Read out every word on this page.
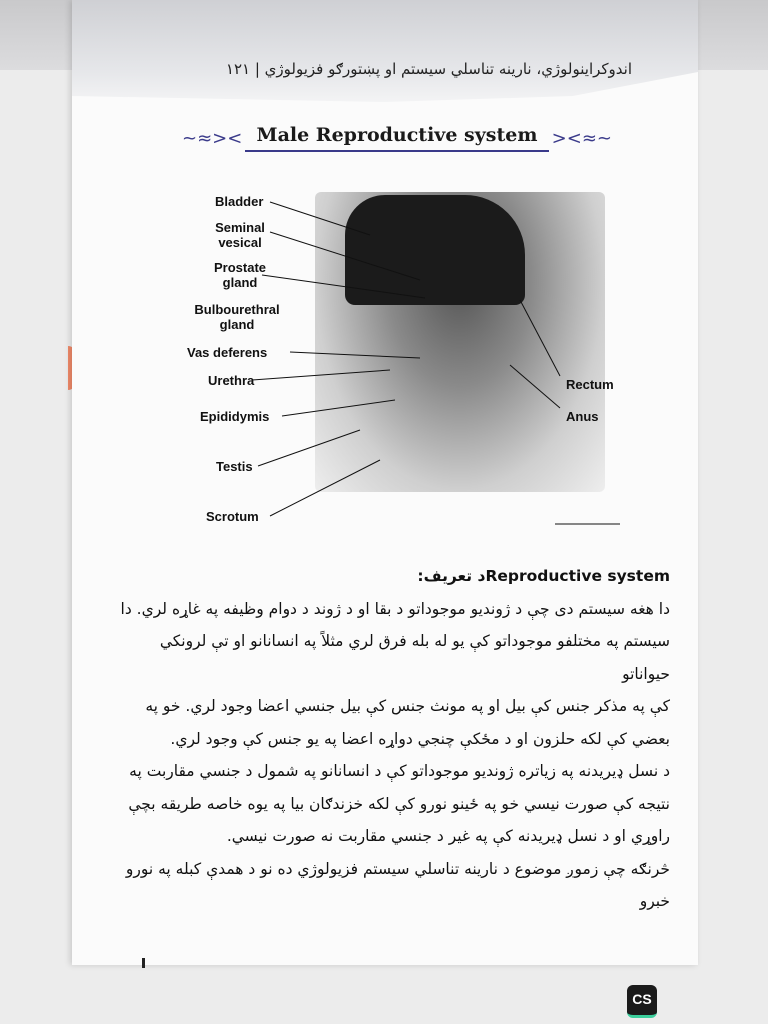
اندوکراینولوژي، نارینه تناسلي سیستم او پښتورګو فزیولوژي | ۱۲۱
~≈>< Male Reproductive system ><≈~
Bladder
Seminal vesical
Prostate gland
Bulbourethral gland
Vas deferens
Urethra
Epididymis
Testis
Scrotum
Rectum
Anus

Reproductive systemد تعریف:

دا هغه سیستم دی چې د ژوندیو موجوداتو د بقا او د ژوند د دوام وظیفه په غاړه لري. دا

سیستم په مختلفو موجوداتو کې یو له بله فرق لري مثلاً په انسانانو او تې لرونکي حیواناتو

کې په مذکر جنس کې بیل او په مونث جنس کې بیل جنسي اعضا وجود لري. خو په

بعضي کې لکه حلزون او د مځکې چنجي دواړه اعضا په یو جنس کې وجود لري.

د نسل ډیریدنه په زیاتره ژوندیو موجوداتو کې د انسانانو په شمول د جنسي مقاربت په

نتیجه کې صورت نیسي خو په ځینو نورو کې لکه خزندګان بیا په یوه خاصه طریقه بچې

راوړي او د نسل ډیریدنه کې په غیر د جنسي مقاربت نه صورت نیسي.

څرنګه چې زموږ موضوع د نارینه تناسلي سیستم فزیولوژي ده نو د همدې کبله په نورو خبرو

CS
